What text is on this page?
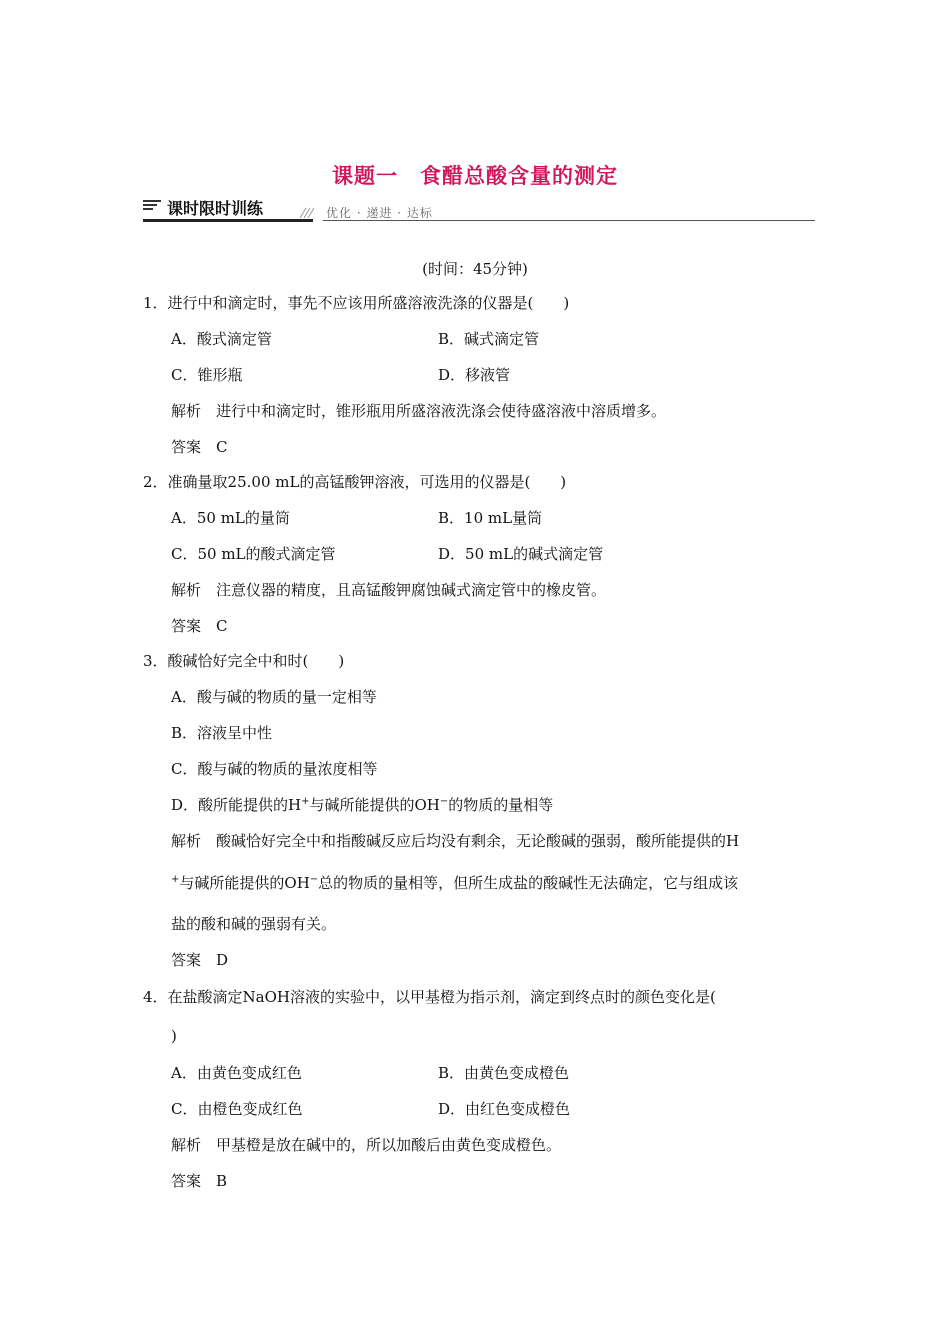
课题一　食醋总酸含量的测定
课时限时训练	优化 · 递进 · 达标
(时间：45分钟)
1．进行中和滴定时，事先不应该用所盛溶液洗涤的仪器是(　　)
A．酸式滴定管	B．碱式滴定管
C．锥形瓶	D．移液管
解析　进行中和滴定时，锥形瓶用所盛溶液洗涤会使待盛溶液中溶质增多。
答案　C
2．准确量取25.00 mL的高锰酸钾溶液，可选用的仪器是(　　)
A．50 mL的量筒	B．10 mL量筒
C．50 mL的酸式滴定管	D．50 mL的碱式滴定管
解析　注意仪器的精度，且高锰酸钾腐蚀碱式滴定管中的橡皮管。
答案　C
3．酸碱恰好完全中和时(　　)
A．酸与碱的物质的量一定相等
B．溶液呈中性
C．酸与碱的物质的量浓度相等
D．酸所能提供的H+与碱所能提供的OH−的物质的量相等
解析　酸碱恰好完全中和指酸碱反应后均没有剩余，无论酸碱的强弱，酸所能提供的H
+与碱所能提供的OH−总的物质的量相等，但所生成盐的酸碱性无法确定，它与组成该
盐的酸和碱的强弱有关。
答案　D
4．在盐酸滴定NaOH溶液的实验中，以甲基橙为指示剂，滴定到终点时的颜色变化是(
)
A．由黄色变成红色	B．由黄色变成橙色
C．由橙色变成红色	D．由红色变成橙色
解析　甲基橙是放在碱中的，所以加酸后由黄色变成橙色。
答案　B
